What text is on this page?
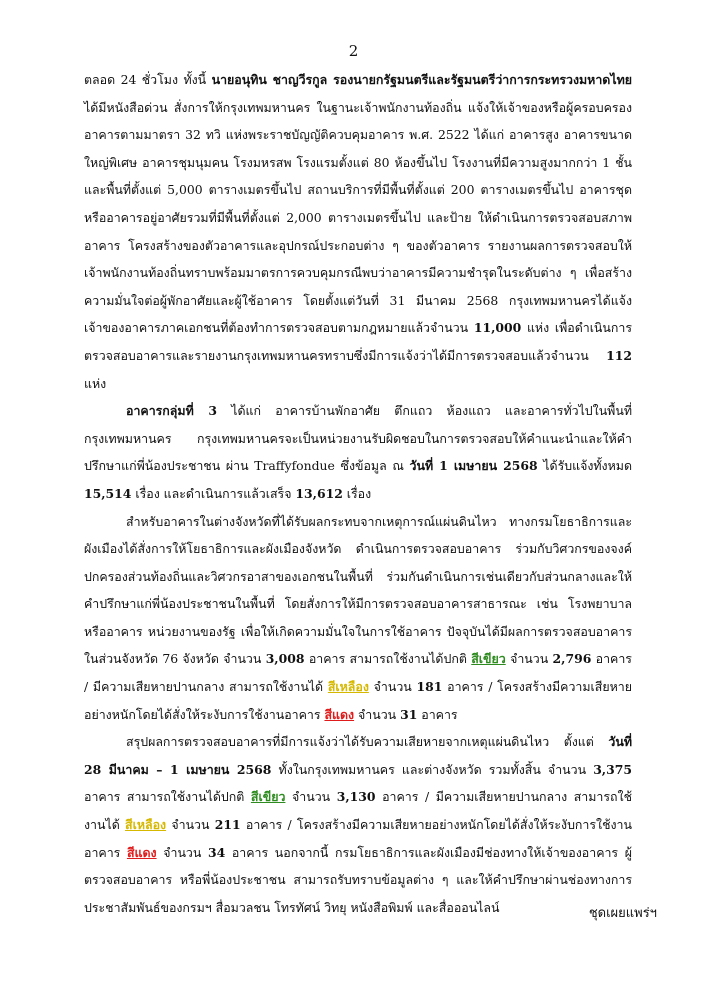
2

ตลอด 24 ชั่วโมง ทั้งนี้ นายอนุทิน ชาญวีรกูล รองนายกรัฐมนตรีและรัฐมนตรีว่าการกระทรวงมหาดไทย ได้มีหนังสือด่วน สั่งการให้กรุงเทพมหานคร ในฐานะเจ้าพนักงานท้องถิ่น แจ้งให้เจ้าของหรือผู้ครอบครองอาคารตามมาตรา 32 ทวิ แห่งพระราชบัญญัติควบคุมอาคาร พ.ศ. 2522 ได้แก่ อาคารสูง อาคารขนาดใหญ่พิเศษ อาคารชุมนุมคน โรงมหรสพ โรงแรมตั้งแต่ 80 ห้องขึ้นไป โรงงานที่มีความสูงมากกว่า 1 ชั้น และพื้นที่ตั้งแต่ 5,000 ตารางเมตรขึ้นไป สถานบริการที่มีพื้นที่ตั้งแต่ 200 ตารางเมตรขึ้นไป อาคารชุดหรืออาคารอยู่อาศัยรวมที่มีพื้นที่ตั้งแต่ 2,000 ตารางเมตรขึ้นไป และป้าย ให้ดำเนินการตรวจสอบสภาพอาคาร โครงสร้างของตัวอาคารและอุปกรณ์ประกอบต่าง ๆ ของตัวอาคาร รายงานผลการตรวจสอบให้เจ้าพนักงานท้องถิ่นทราบพร้อมมาตรการควบคุมกรณีพบว่าอาคารมีความชำรุดในระดับต่าง ๆ เพื่อสร้างความมั่นใจต่อผู้พักอาศัยและผู้ใช้อาคาร โดยตั้งแต่วันที่ 31 มีนาคม 2568 กรุงเทพมหานครได้แจ้งเจ้าของอาคารภาคเอกชนที่ต้องทำการตรวจสอบตามกฎหมายแล้วจำนวน 11,000 แห่ง เพื่อดำเนินการตรวจสอบอาคารและรายงานกรุงเทพมหานครทราบซึ่งมีการแจ้งว่าได้มีการตรวจสอบแล้วจำนวน 112 แห่ง

อาคารกลุ่มที่ 3 ได้แก่ อาคารบ้านพักอาศัย ตึกแถว ห้องแถว และอาคารทั่วไปในพื้นที่กรุงเทพมหานคร กรุงเทพมหานครจะเป็นหน่วยงานรับผิดชอบในการตรวจสอบให้คำแนะนำและให้คำปรึกษาแก่พี่น้องประชาชน ผ่าน Traffyfondue ซึ่งข้อมูล ณ วันที่ 1 เมษายน 2568 ได้รับแจ้งทั้งหมด 15,514 เรื่อง และดำเนินการแล้วเสร็จ 13,612 เรื่อง

สำหรับอาคารในต่างจังหวัดที่ได้รับผลกระทบจากเหตุการณ์แผ่นดินไหว ทางกรมโยธาธิการและผังเมืองได้สั่งการให้โยธาธิการและผังเมืองจังหวัด ดำเนินการตรวจสอบอาคาร ร่วมกับวิศวกรของจงค์ปกครองส่วนท้องถิ่นและวิศวกรอาสาของเอกชนในพื้นที่ ร่วมกันดำเนินการเช่นเดียวกับส่วนกลางและให้คำปรึกษาแก่พี่น้องประชาชนในพื้นที่ โดยสั่งการให้มีการตรวจสอบอาคารสาธารณะ เช่น โรงพยาบาล หรืออาคาร หน่วยงานของรัฐ เพื่อให้เกิดความมั่นใจในการใช้อาคาร ปัจจุบันได้มีผลการตรวจสอบอาคารในส่วนจังหวัด 76 จังหวัด จำนวน 3,008 อาคาร สามารถใช้งานได้ปกติ สีเขียว จำนวน 2,796 อาคาร / มีความเสียหายปานกลาง สามารถใช้งานได้ สีเหลือง จำนวน 181 อาคาร / โครงสร้างมีความเสียหายอย่างหนักโดยได้สั่งให้ระงับการใช้งานอาคาร สีแดง จำนวน 31 อาคาร

สรุปผลการตรวจสอบอาคารที่มีการแจ้งว่าได้รับความเสียหายจากเหตุแผ่นดินไหว ตั้งแต่ วันที่ 28 มีนาคม – 1 เมษายน 2568 ทั้งในกรุงเทพมหานคร และต่างจังหวัด รวมทั้งสิ้น จำนวน 3,375 อาคาร สามารถใช้งานได้ปกติ สีเขียว จำนวน 3,130 อาคาร / มีความเสียหายปานกลาง สามารถใช้งานได้ สีเหลือง จำนวน 211 อาคาร / โครงสร้างมีความเสียหายอย่างหนักโดยได้สั่งให้ระงับการใช้งานอาคาร สีแดง จำนวน 34 อาคาร นอกจากนี้ กรมโยธาธิการและผังเมืองมีช่องทางให้เจ้าของอาคาร ผู้ตรวจสอบอาคาร หรือพี่น้องประชาชน สามารถรับทราบข้อมูลต่าง ๆ และให้คำปรึกษาผ่านช่องทางการประชาสัมพันธ์ของกรมฯ สื่อมวลชน โทรทัศน์ วิทยุ หนังสือพิมพ์ และสื่อออนไลน์	ชุดเผยแพร่ฯ
